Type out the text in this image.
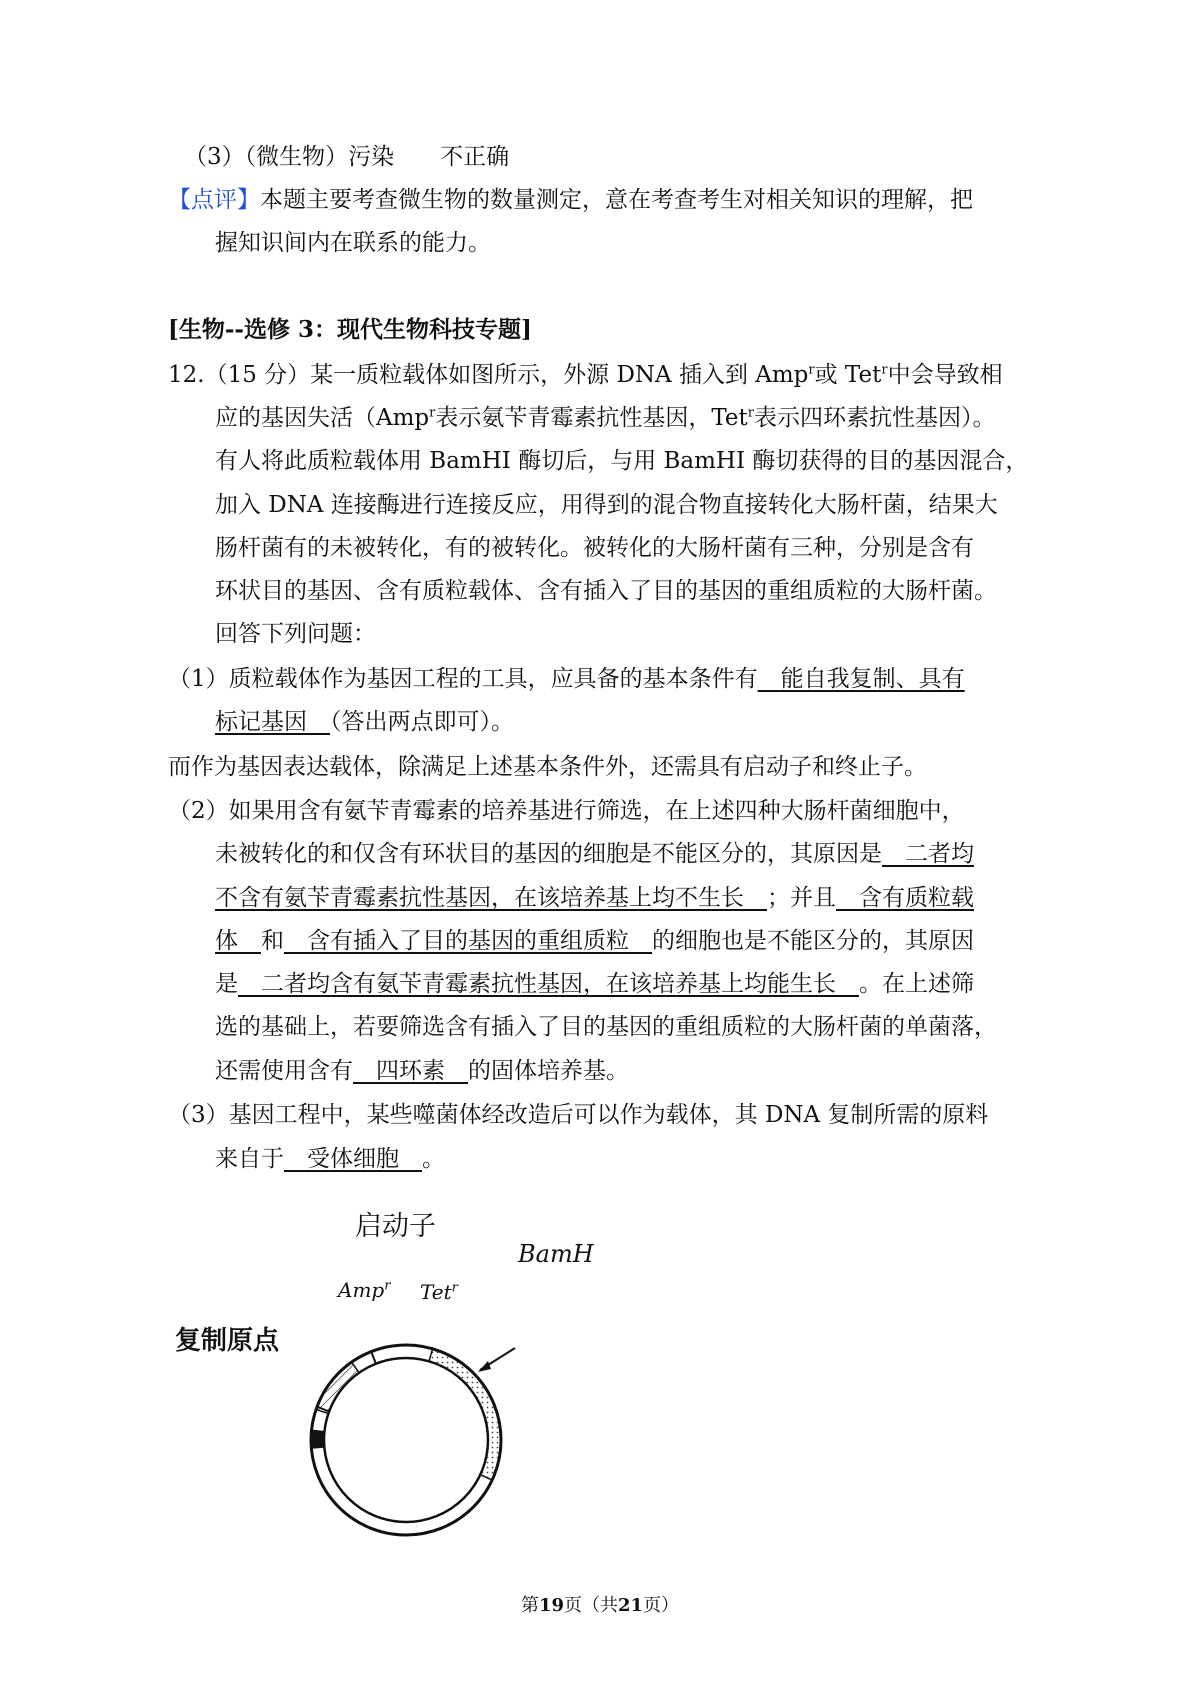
（3）（微生物）污染　　不正确
【点评】本题主要考查微生物的数量测定，意在考查考生对相关知识的理解，把
握知识间内在联系的能力。
[生物--选修 3：现代生物科技专题]
12.（15 分）某一质粒载体如图所示，外源 DNA 插入到 Amp$^r$或 Tet$^r$中会导致相
应的基因失活（Amp$^r$表示氨苄青霉素抗性基因，Tet$^r$表示四环素抗性基因）。
有人将此质粒载体用 BamHI 酶切后，与用 BamHI 酶切获得的目的基因混合，
加入 DNA 连接酶进行连接反应，用得到的混合物直接转化大肠杆菌，结果大
肠杆菌有的未被转化，有的被转化。被转化的大肠杆菌有三种，分别是含有
环状目的基因、含有质粒载体、含有插入了目的基因的重组质粒的大肠杆菌。
回答下列问题：
（1）质粒载体作为基因工程的工具，应具备的基本条件有　能自我复制、具有
标记基因　（答出两点即可）。
而作为基因表达载体，除满足上述基本条件外，还需具有启动子和终止子。
（2）如果用含有氨苄青霉素的培养基进行筛选，在上述四种大肠杆菌细胞中，
未被转化的和仅含有环状目的基因的细胞是不能区分的，其原因是　二者均
不含有氨苄青霉素抗性基因，在该培养基上均不生长　；并且　含有质粒载
体　和　含有插入了目的基因的重组质粒　的细胞也是不能区分的，其原因
是　二者均含有氨苄青霉素抗性基因，在该培养基上均能生长　。在上述筛
选的基础上，若要筛选含有插入了目的基因的重组质粒的大肠杆菌的单菌落，
还需使用含有　四环素　的固体培养基。
（3）基因工程中，某些噬菌体经改造后可以作为载体，其 DNA 复制所需的原料
来自于　受体细胞　。
启动子
BamH
Amp$^r$ Tet$^r$
复制原点
第19页（共21页）
